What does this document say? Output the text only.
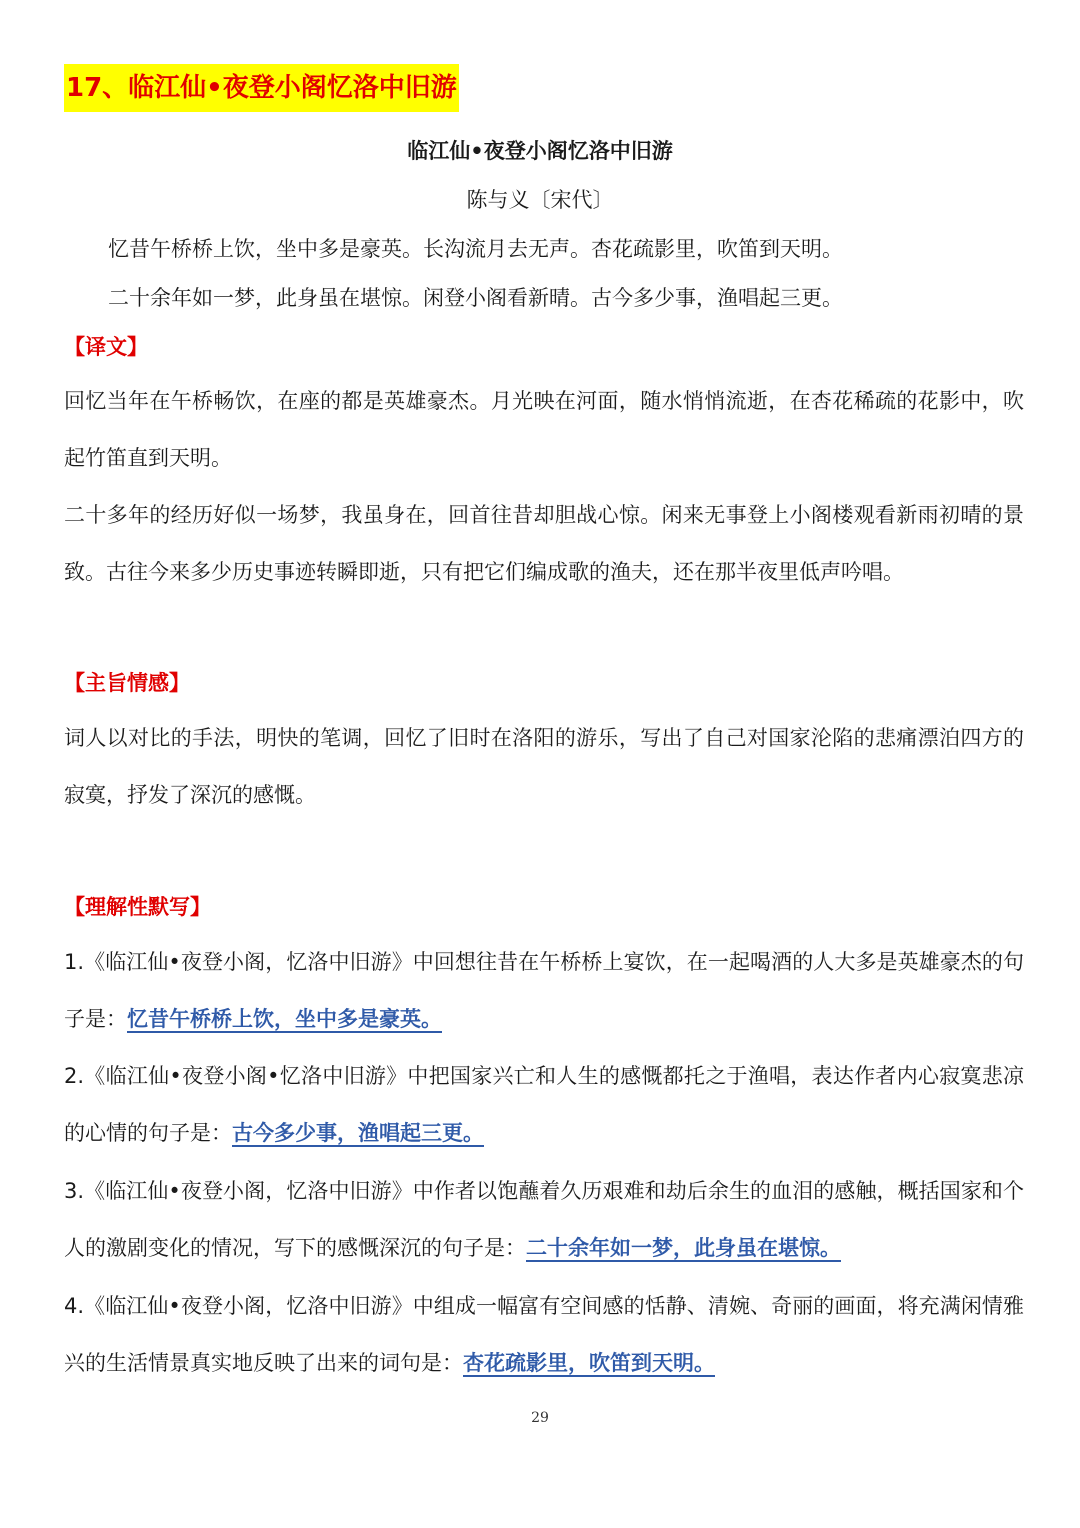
17、临江仙•夜登小阁忆洛中旧游
临江仙•夜登小阁忆洛中旧游
陈与义〔宋代〕
忆昔午桥桥上饮，坐中多是豪英。长沟流月去无声。杏花疏影里，吹笛到天明。
二十余年如一梦，此身虽在堪惊。闲登小阁看新晴。古今多少事，渔唱起三更。
【译文】
回忆当年在午桥畅饮，在座的都是英雄豪杰。月光映在河面，随水悄悄流逝，在杏花稀疏的花影中，吹起竹笛直到天明。
二十多年的经历好似一场梦，我虽身在，回首往昔却胆战心惊。闲来无事登上小阁楼观看新雨初晴的景致。古往今来多少历史事迹转瞬即逝，只有把它们编成歌的渔夫，还在那半夜里低声吟唱。
【主旨情感】
词人以对比的手法，明快的笔调，回忆了旧时在洛阳的游乐，写出了自己对国家沦陷的悲痛漂泊四方的寂寞，抒发了深沉的感慨。
【理解性默写】
1.《临江仙•夜登小阁，忆洛中旧游》中回想往昔在午桥桥上宴饮，在一起喝酒的人大多是英雄豪杰的句子是：忆昔午桥桥上饮，坐中多是豪英。
2.《临江仙•夜登小阁•忆洛中旧游》中把国家兴亡和人生的感慨都托之于渔唱，表达作者内心寂寞悲凉的心情的句子是：古今多少事，渔唱起三更。
3.《临江仙•夜登小阁，忆洛中旧游》中作者以饱蘸着久历艰难和劫后余生的血泪的感触，概括国家和个人的激剧变化的情况，写下的感慨深沉的句子是：二十余年如一梦，此身虽在堪惊。
4.《临江仙•夜登小阁，忆洛中旧游》中组成一幅富有空间感的恬静、清婉、奇丽的画面，将充满闲情雅兴的生活情景真实地反映了出来的词句是：杏花疏影里，吹笛到天明。
29
